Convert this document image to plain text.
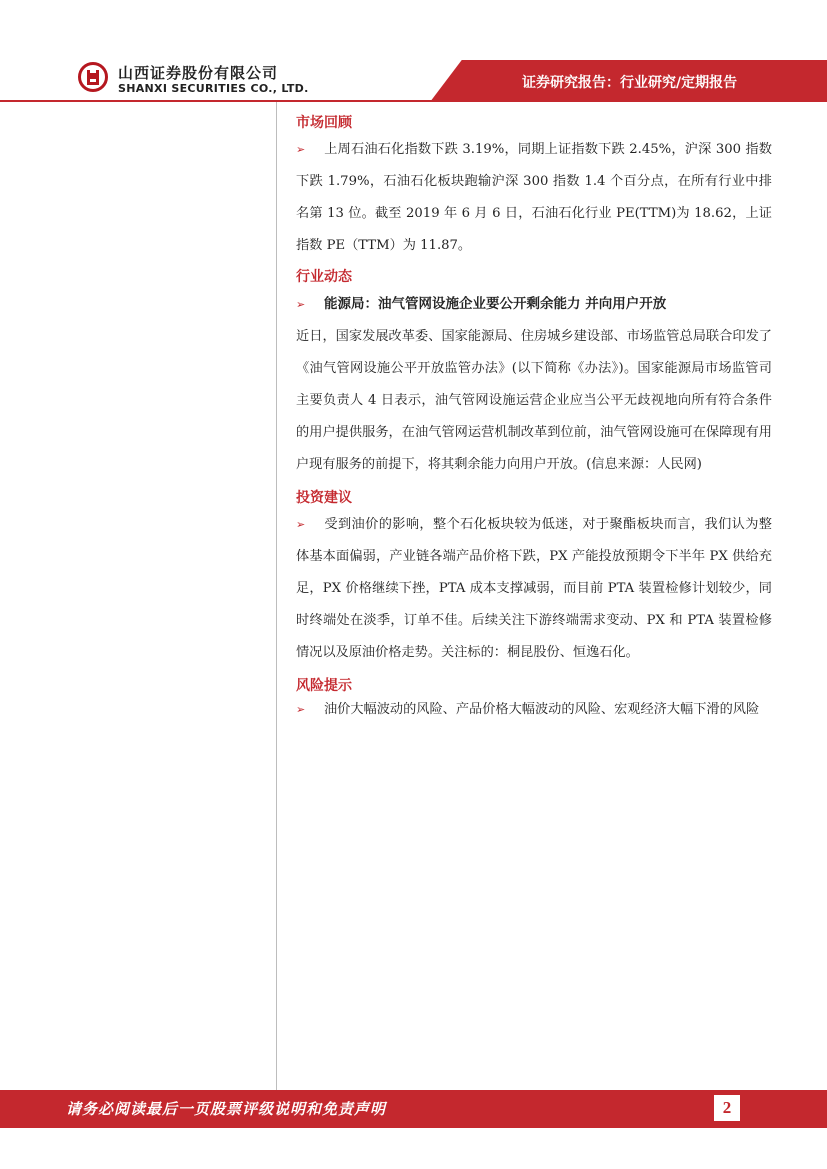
山西证券股份有限公司
SHANXI SECURITIES CO., LTD.	证券研究报告：行业研究/定期报告

市场回顾

➢ 上周石油石化指数下跌 3.19%，同期上证指数下跌 2.45%，沪深 300 指数下跌 1.79%，石油石化板块跑输沪深 300 指数 1.4 个百分点，在所有行业中排名第 13 位。截至 2019 年 6 月 6 日，石油石化行业 PE(TTM)为 18.62，上证指数 PE（TTM）为 11.87。

行业动态

➢ 能源局：油气管网设施企业要公开剩余能力 并向用户开放

近日，国家发展改革委、国家能源局、住房城乡建设部、市场监管总局联合印发了《油气管网设施公平开放监管办法》(以下简称《办法》)。国家能源局市场监管司主要负责人 4 日表示，油气管网设施运营企业应当公平无歧视地向所有符合条件的用户提供服务，在油气管网运营机制改革到位前，油气管网设施可在保障现有用户现有服务的前提下，将其剩余能力向用户开放。(信息来源：人民网)

投资建议

➢ 受到油价的影响，整个石化板块较为低迷，对于聚酯板块而言，我们认为整体基本面偏弱，产业链各端产品价格下跌，PX 产能投放预期令下半年 PX 供给充足，PX 价格继续下挫，PTA 成本支撑减弱，而目前 PTA 装置检修计划较少，同时终端处在淡季，订单不佳。后续关注下游终端需求变动、PX 和 PTA 装置检修情况以及原油价格走势。关注标的：桐昆股份、恒逸石化。

风险提示

➢ 油价大幅波动的风险、产品价格大幅波动的风险、宏观经济大幅下滑的风险

请务必阅读最后一页股票评级说明和免责声明	2
